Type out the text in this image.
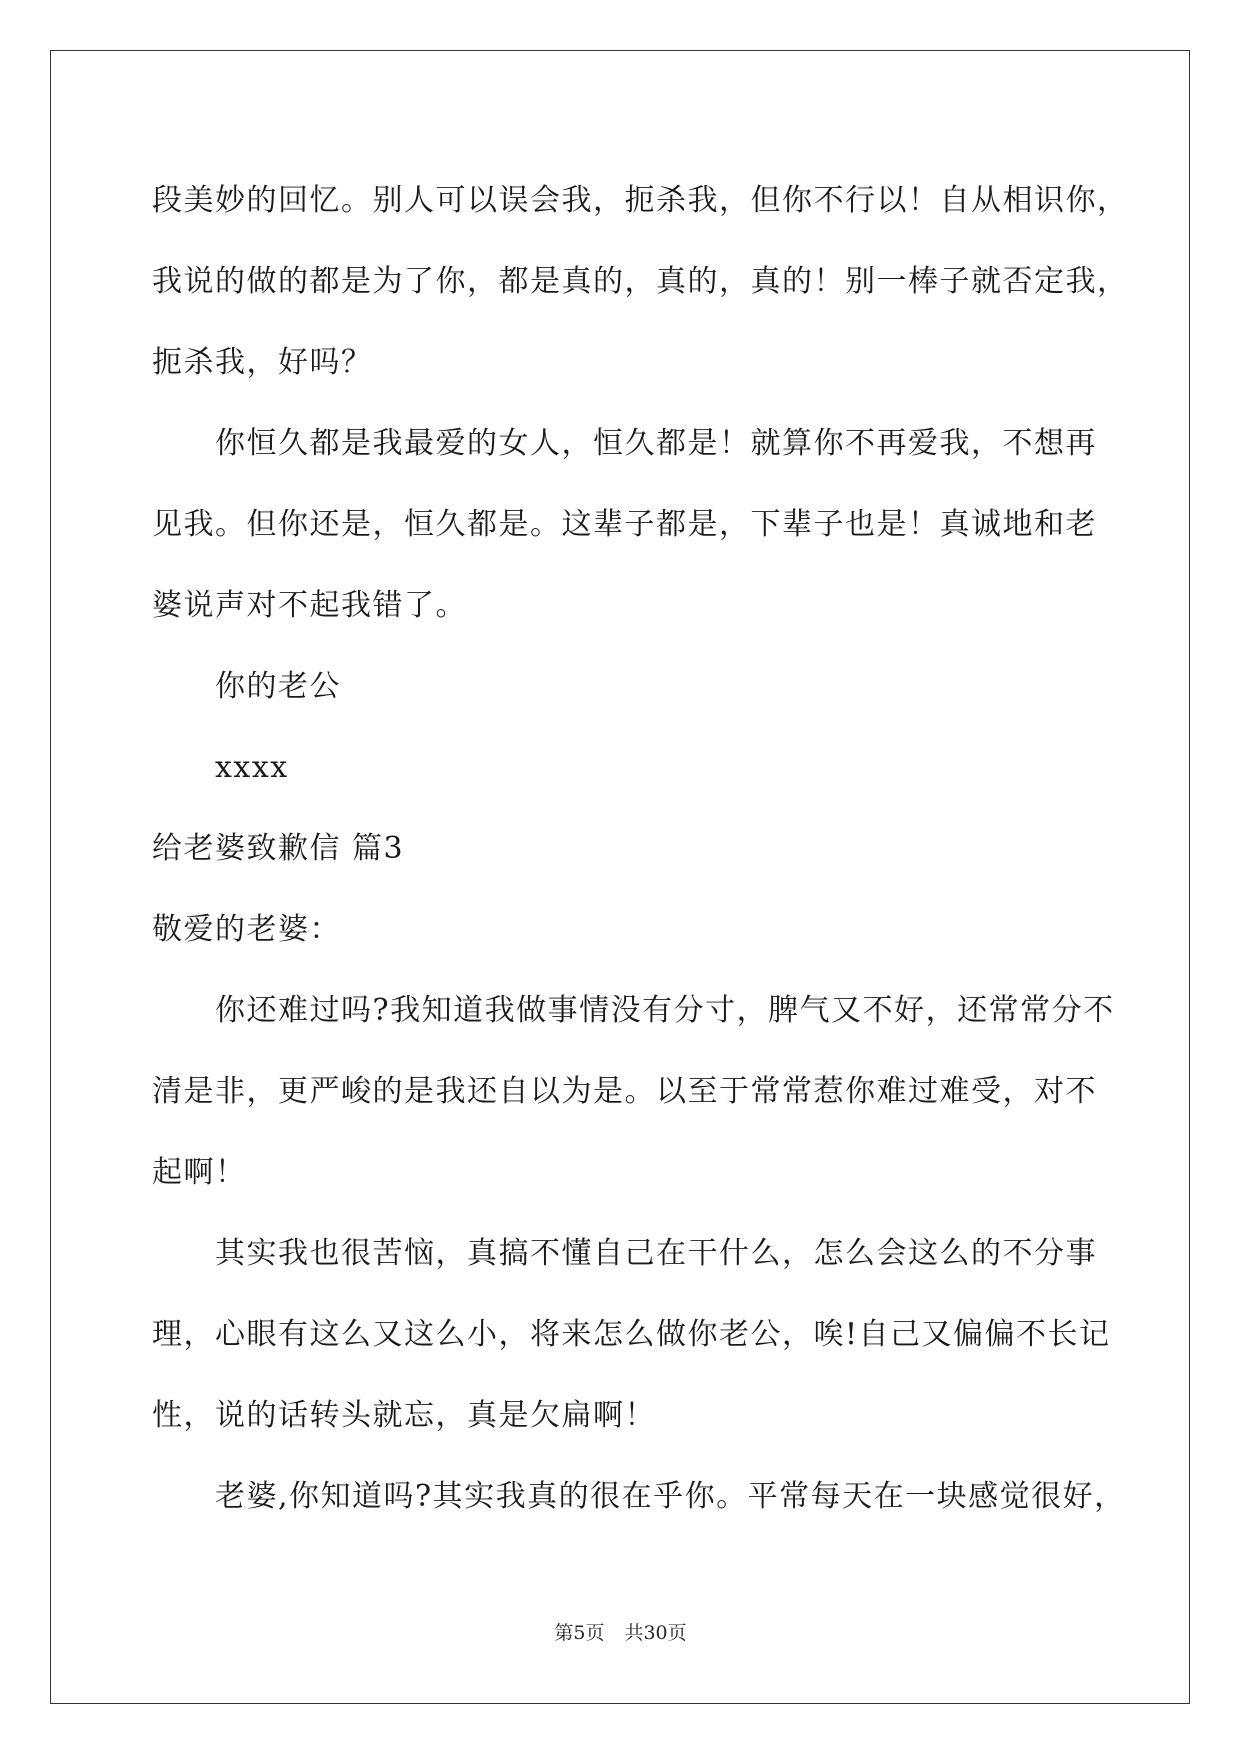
段美妙的回忆。别人可以误会我，扼杀我，但你不行以！自从相识你，

我说的做的都是为了你，都是真的，真的，真的！别一棒子就否定我，

扼杀我，好吗？

你恒久都是我最爱的女人，恒久都是！就算你不再爱我，不想再

见我。但你还是，恒久都是。这辈子都是，下辈子也是！真诚地和老

婆说声对不起我错了。

你的老公

xxxx

给老婆致歉信 篇3

敬爱的老婆：

你还难过吗?我知道我做事情没有分寸，脾气又不好，还常常分不

清是非，更严峻的是我还自以为是。以至于常常惹你难过难受，对不

起啊！

其实我也很苦恼，真搞不懂自己在干什么，怎么会这么的不分事

理，心眼有这么又这么小，将来怎么做你老公，唉!自己又偏偏不长记

性，说的话转头就忘，真是欠扁啊！

老婆,你知道吗?其实我真的很在乎你。平常每天在一块感觉很好，

第5页 共30页
